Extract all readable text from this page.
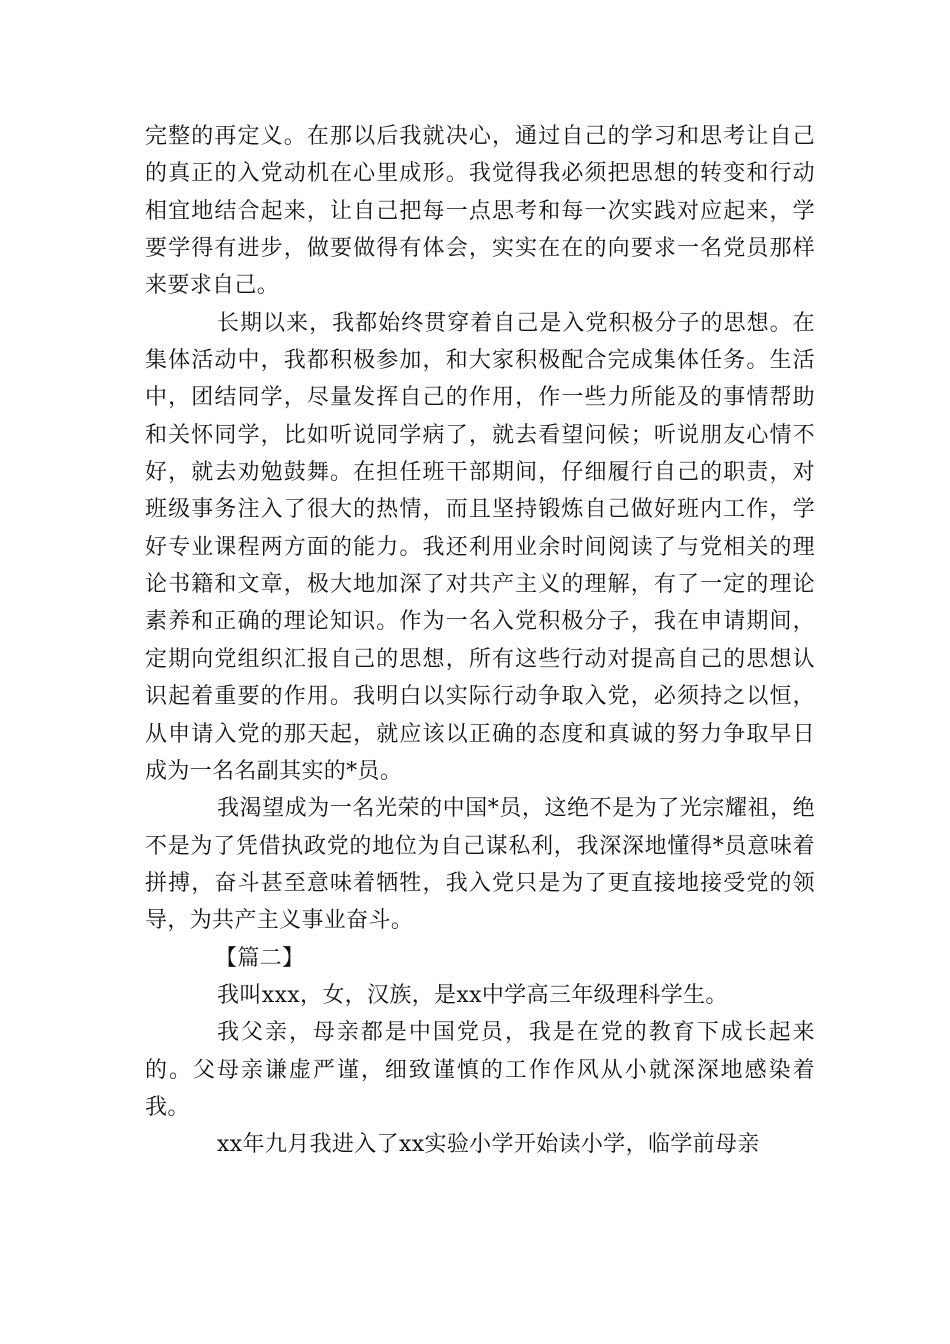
完整的再定义。在那以后我就决心，通过自己的学习和思考让自己的真正的入党动机在心里成形。我觉得我必须把思想的转变和行动相宜地结合起来，让自己把每一点思考和每一次实践对应起来，学要学得有进步，做要做得有体会，实实在在的向要求一名党员那样来要求自己。

长期以来，我都始终贯穿着自己是入党积极分子的思想。在集体活动中，我都积极参加，和大家积极配合完成集体任务。生活中，团结同学，尽量发挥自己的作用，作一些力所能及的事情帮助和关怀同学，比如听说同学病了，就去看望问候；听说朋友心情不好，就去劝勉鼓舞。在担任班干部期间，仔细履行自己的职责，对班级事务注入了很大的热情，而且坚持锻炼自己做好班内工作，学好专业课程两方面的能力。我还利用业余时间阅读了与党相关的理论书籍和文章，极大地加深了对共产主义的理解，有了一定的理论素养和正确的理论知识。作为一名入党积极分子，我在申请期间，定期向党组织汇报自己的思想，所有这些行动对提高自己的思想认识起着重要的作用。我明白以实际行动争取入党，必须持之以恒，从申请入党的那天起，就应该以正确的态度和真诚的努力争取早日成为一名名副其实的*员。

我渴望成为一名光荣的中国*员，这绝不是为了光宗耀祖，绝不是为了凭借执政党的地位为自己谋私利，我深深地懂得*员意味着拼搏，奋斗甚至意味着牺牲，我入党只是为了更直接地接受党的领导，为共产主义事业奋斗。

【篇二】

我叫xxx，女，汉族，是xx中学高三年级理科学生。

我父亲，母亲都是中国党员，我是在党的教育下成长起来的。父母亲谦虚严谨，细致谨慎的工作作风从小就深深地感染着我。

xx年九月我进入了xx实验小学开始读小学，临学前母亲
